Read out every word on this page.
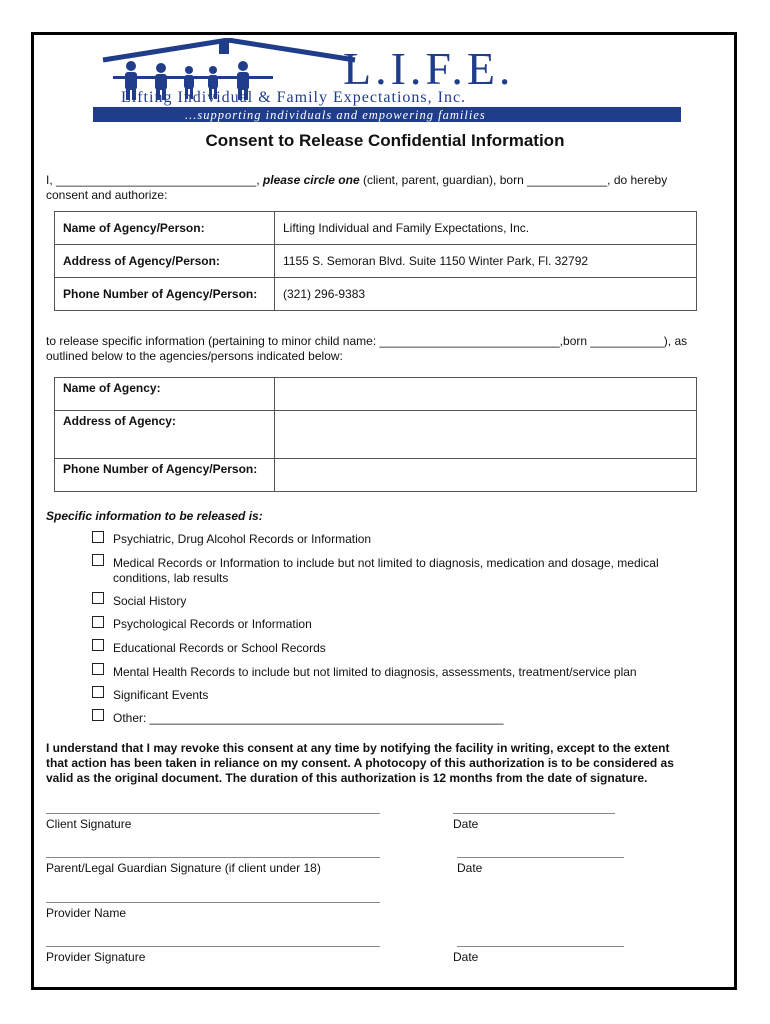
L.I.F.E.
Lifting Individual & Family Expectations, Inc.
...supporting individuals and empowering families
Consent to Release Confidential Information
I, ______________________________, please circle one (client, parent, guardian), born ____________, do hereby
consent and authorize:
Name of Agency/Person:	Lifting Individual and Family Expectations, Inc.
Address of Agency/Person:	1155 S. Semoran Blvd. Suite 1150 Winter Park, Fl. 32792
Phone Number of Agency/Person:	(321) 296-9383
to release specific information (pertaining to minor child name: ___________________________,born ___________), as
outlined below to the agencies/persons indicated below:
Name of Agency:	
Address of Agency:	
Phone Number of Agency/Person:	
Specific information to be released is:
Psychiatric, Drug Alcohol Records or Information
Medical Records or Information to include but not limited to diagnosis, medication and dosage, medical
conditions, lab results
Social History
Psychological Records or Information
Educational Records or School Records
Mental Health Records to include but not limited to diagnosis, assessments, treatment/service plan
Significant Events
Other: _____________________________________________________
I understand that I may revoke this consent at any time by notifying the facility in writing, except to the extent
that action has been taken in reliance on my consent. A photocopy of this authorization is to be considered as
valid as the original document. The duration of this authorization is 12 months from the date of signature.
Client Signature	Date
Parent/Legal Guardian Signature (if client under 18)	Date
Provider Name
Provider Signature	Date
